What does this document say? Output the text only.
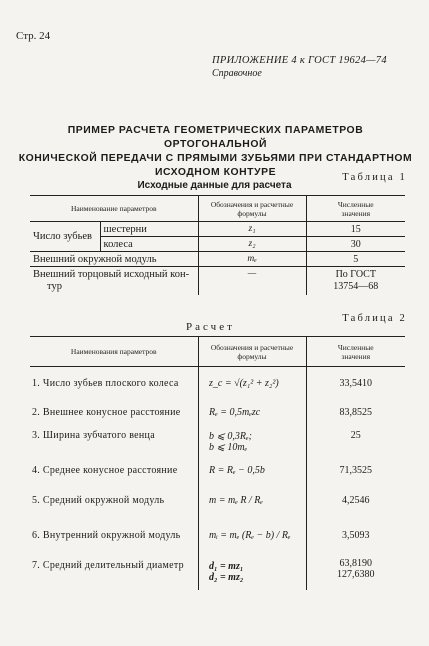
Стр. 24
ПРИЛОЖЕНИЕ 4 к ГОСТ 19624—74
Справочное
ПРИМЕР РАСЧЕТА ГЕОМЕТРИЧЕСКИХ ПАРАМЕТРОВ ОРТОГОНАЛЬНОЙ
КОНИЧЕСКОЙ ПЕРЕДАЧИ С ПРЯМЫМИ ЗУБЬЯМИ ПРИ СТАНДАРТНОМ
ИСХОДНОМ КОНТУРЕ	Таблица 1
Исходные данные для расчета
Наименование параметров		Обозначения и расчетные
формулы	Численные
значения
Число зубьев	шестерни	z₁	15
	колеса	z₂	30
Внешний окружной модуль		mₑ	5
Внешний торцовый исходный кон-
тур		—	По ГОСТ
13754—68
Таблица 2
Расчет
Наименования параметров	Обозначения и расчетные
формулы	Численные
значения
1. Число зубьев плоского колеса	z_c = √(z₁² + z₂²)	33,5410
2. Внешнее конусное расстояние	Rₑ = 0,5mₑzc	83,8525
3. Ширина зубчатого венца	b ⩽ 0,3Rₑ;
b ⩽ 10mₑ	25
4. Среднее конусное расстояние	R = Rₑ − 0,5b	71,3525
5. Средний окружной модуль	m = mₑ R / Rₑ	4,2546
6. Внутренний окружной модуль	mᵢ = mₑ (Rₑ − b) / Rₑ	3,5093
7. Средний делительный диаметр	d₁ = mz₁
d₂ = mz₂	63,8190
127,6380
